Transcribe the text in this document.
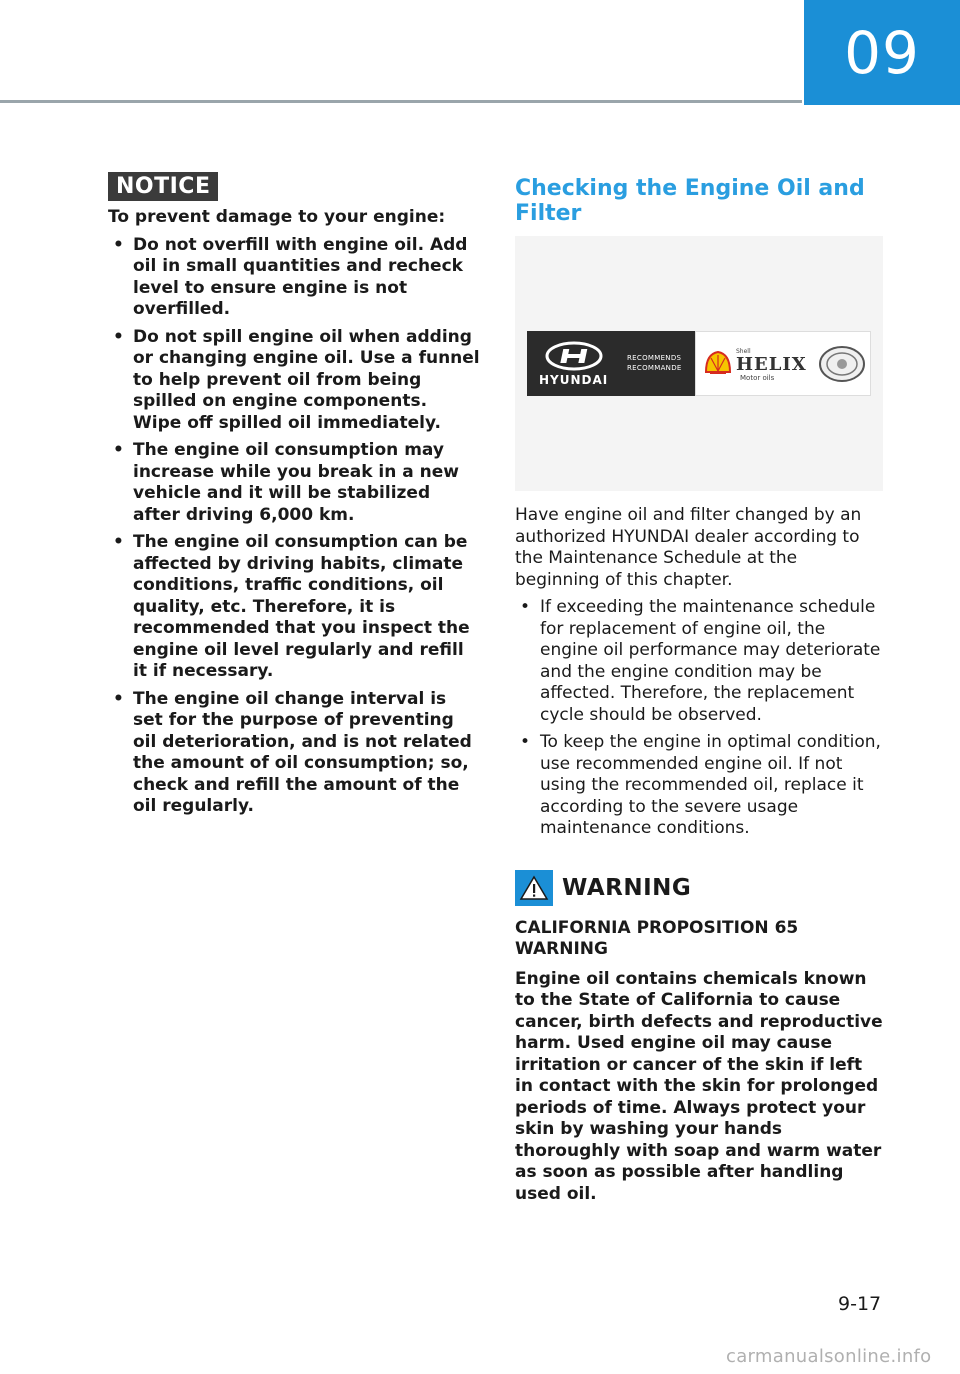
09
NOTICE

To prevent damage to your engine:

• Do not overfill with engine oil. Add oil in small quantities and recheck level to ensure engine is not overfilled.
• Do not spill engine oil when adding or changing engine oil. Use a funnel to help prevent oil from being spilled on engine components. Wipe off spilled oil immediately.
• The engine oil consumption may increase while you break in a new vehicle and it will be stabilized after driving 6,000 km.
• The engine oil consumption can be affected by driving habits, climate conditions, traffic conditions, oil quality, etc. Therefore, it is recommended that you inspect the engine oil level regularly and refill it if necessary.
• The engine oil change interval is set for the purpose of preventing oil deterioration, and is not related the amount of oil consumption; so, check and refill the amount of the oil regularly.
Checking the Engine Oil and Filter
HYUNDAI
RECOMMENDS
RECOMMANDE
Shell
HELIX
Motor oils

Have engine oil and filter changed by an authorized HYUNDAI dealer according to the Maintenance Schedule at the beginning of this chapter.

• If exceeding the maintenance schedule for replacement of engine oil, the engine oil performance may deteriorate and the engine condition may be affected. Therefore, the replacement cycle should be observed.
• To keep the engine in optimal condition, use recommended engine oil. If not using the recommended oil, replace it according to the severe usage maintenance conditions.
WARNING

CALIFORNIA PROPOSITION 65 WARNING

Engine oil contains chemicals known to the State of California to cause cancer, birth defects and reproductive harm. Used engine oil may cause irritation or cancer of the skin if left in contact with the skin for prolonged periods of time. Always protect your skin by washing your hands thoroughly with soap and warm water as soon as possible after handling used oil.

9-17
carmanualsonline.info
